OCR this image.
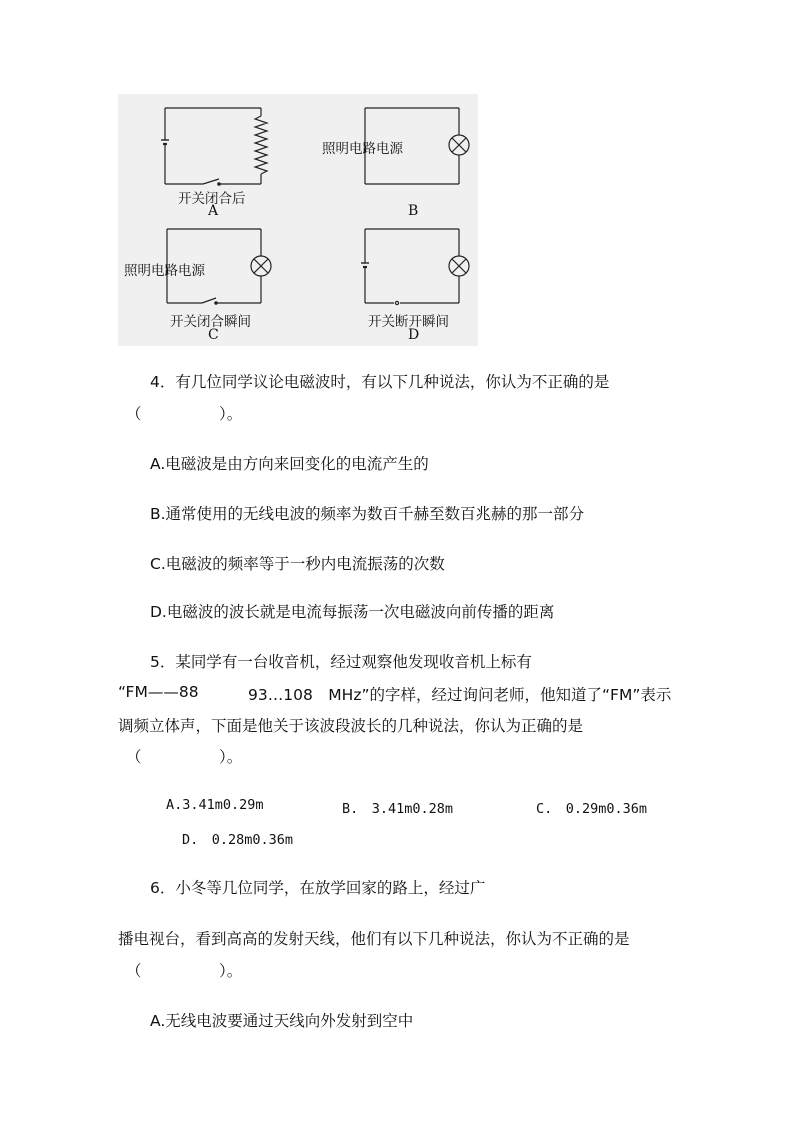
开关闭合后
A
照明电路电源
B
照明电路电源
开关闭合瞬间
C
开关断开瞬间
D
4．有几位同学议论电磁波时，有以下几种说法，你认为不正确的是
（　　　　　）。
A.电磁波是由方向来回变化的电流产生的
B.通常使用的无线电波的频率为数百千赫至数百兆赫的那一部分
C.电磁波的频率等于一秒内电流振荡的次数
D.电磁波的波长就是电流每振荡一次电磁波向前传播的距离
5．某同学有一台收音机，经过观察他发现收音机上标有
“FM——88	93…108　MHz”的字样，经过询问老师，他知道了“FM”表示
调频立体声，下面是他关于该波段波长的几种说法，你认为正确的是
（　　　　　）。
A.3.41m0.29m	B.　3.41m0.28m	C.　0.29m0.36m
D.　0.28m0.36m
6．小冬等几位同学，在放学回家的路上，经过广
播电视台，看到高高的发射天线，他们有以下几种说法，你认为不正确的是
（　　　　　）。
A.无线电波要通过天线向外发射到空中
